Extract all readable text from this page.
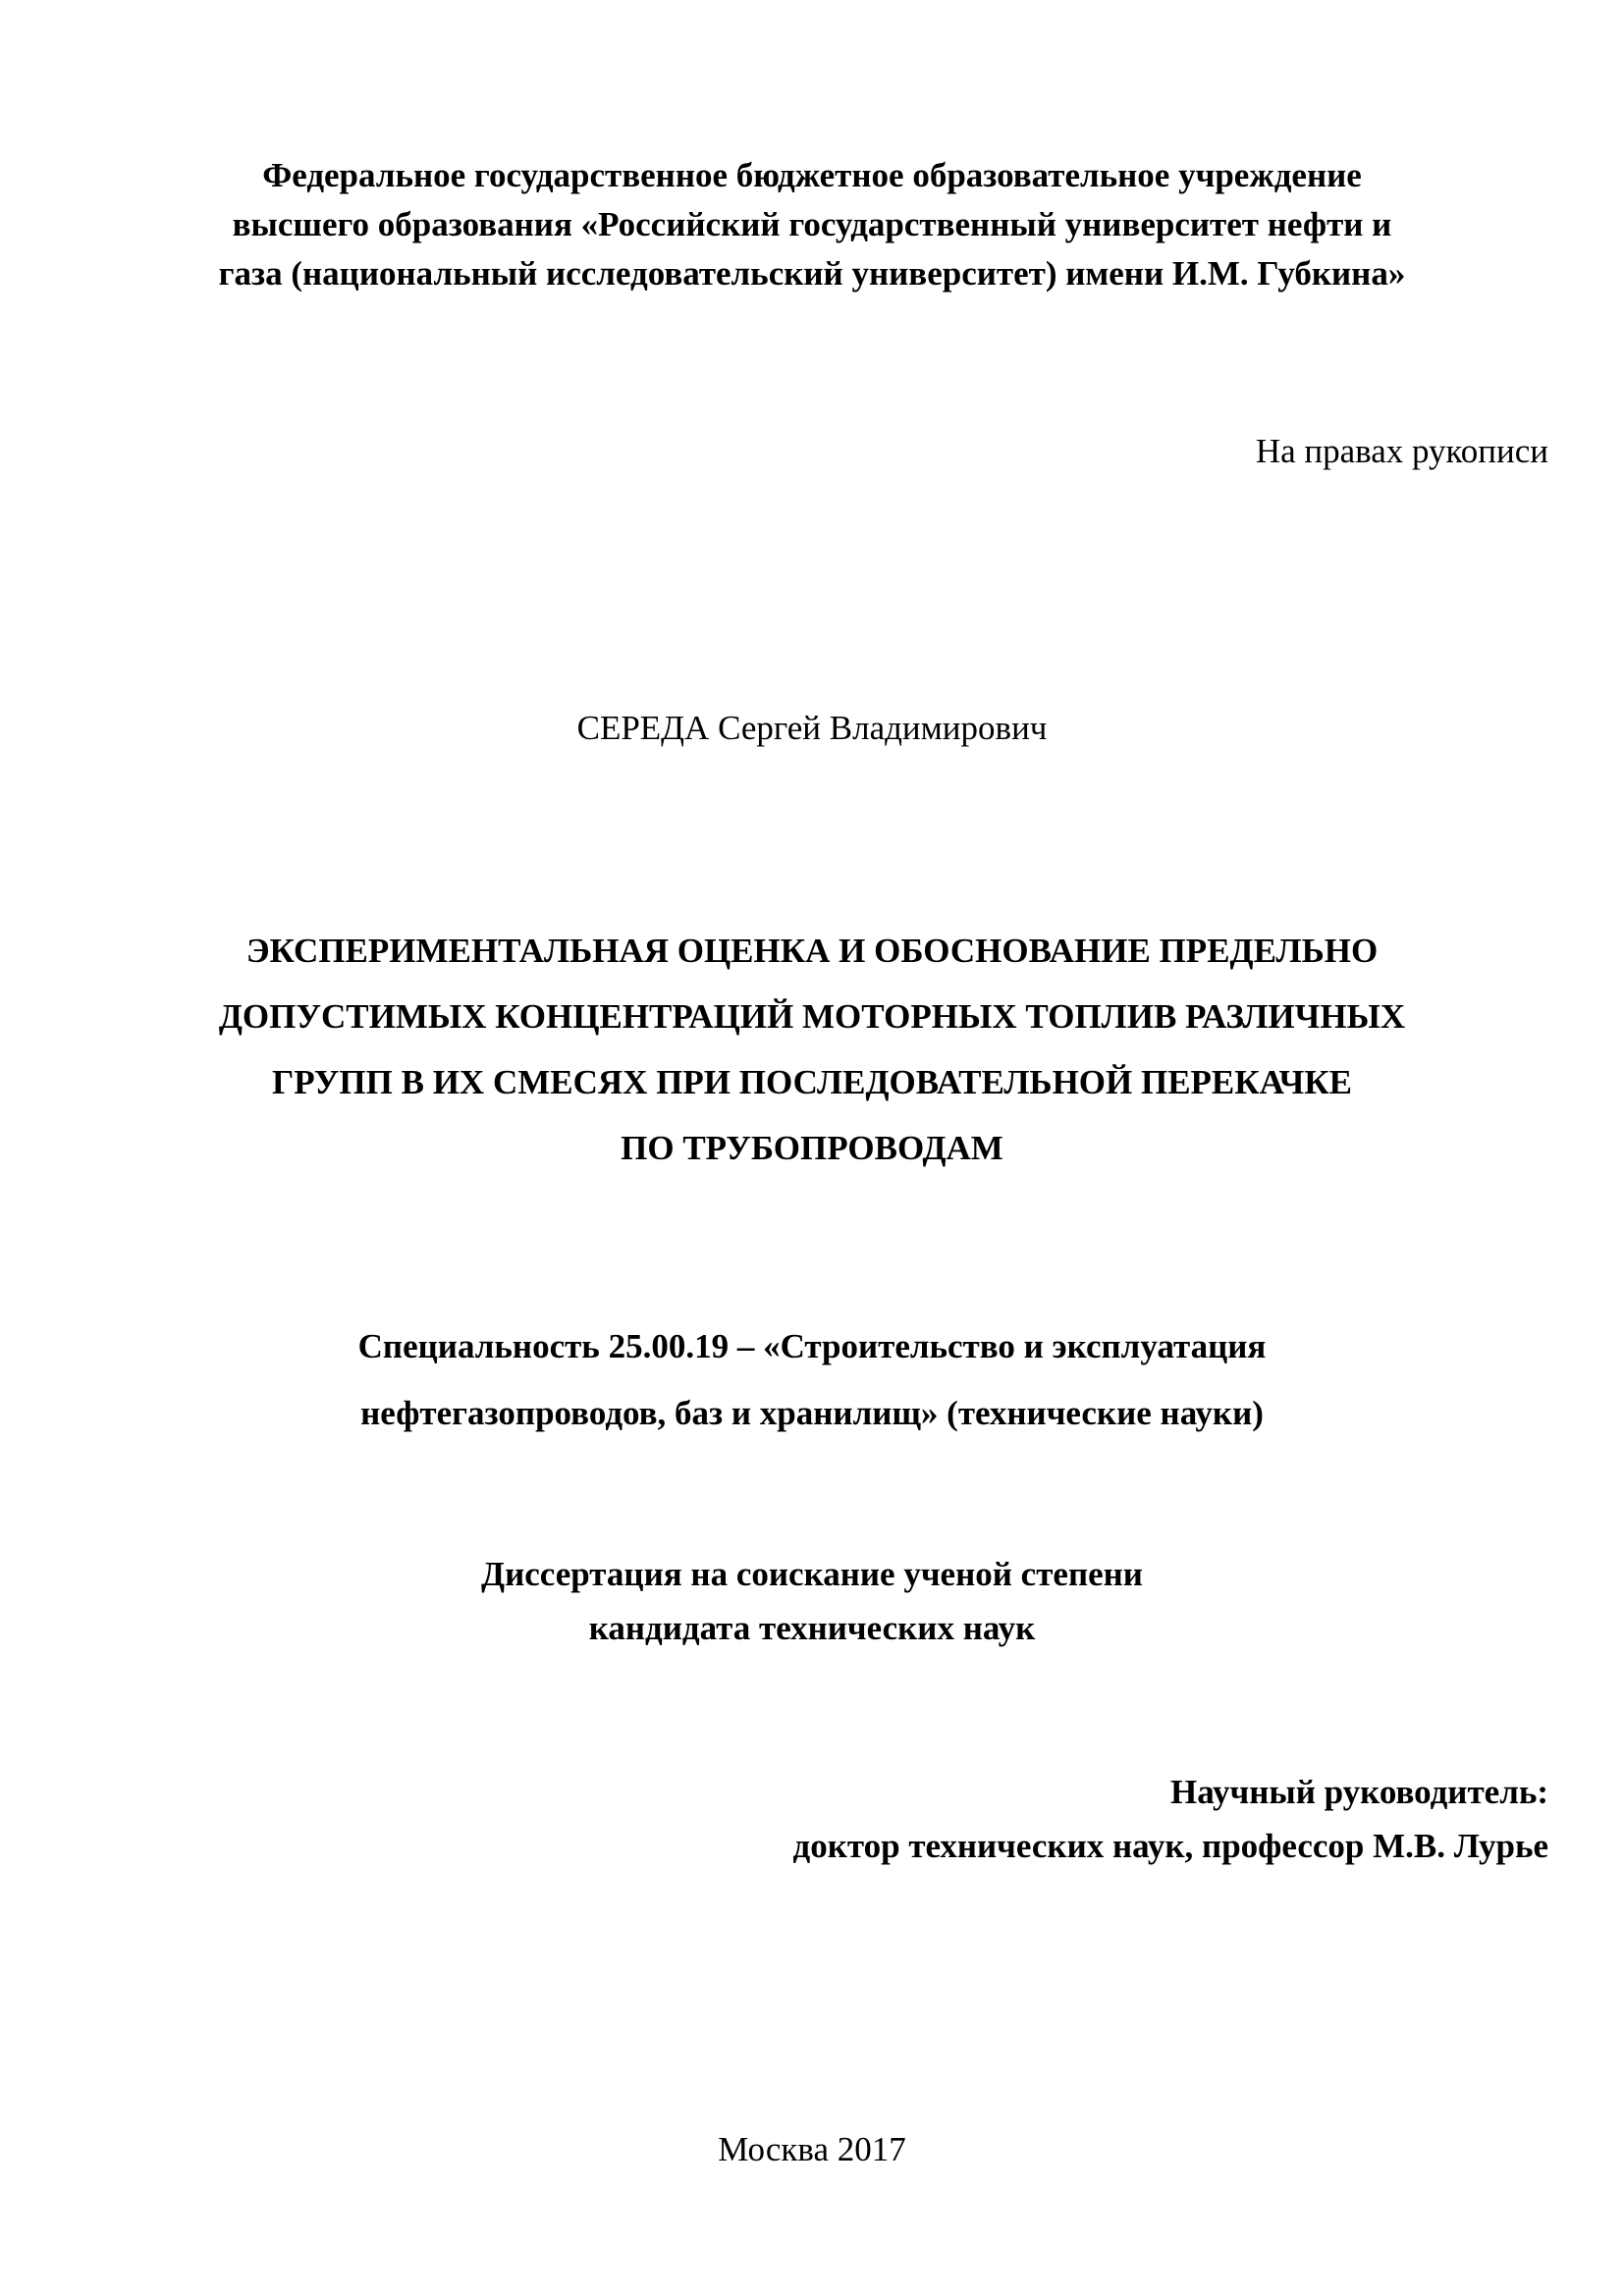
Федеральное государственное бюджетное образовательное учреждение
высшего образования «Российский государственный университет нефти и
газа (национальный исследовательский университет) имени И.М. Губкина»
На правах рукописи
СЕРЕДА Сергей Владимирович
ЭКСПЕРИМЕНТАЛЬНАЯ ОЦЕНКА И ОБОСНОВАНИЕ ПРЕДЕЛЬНО
ДОПУСТИМЫХ КОНЦЕНТРАЦИЙ МОТОРНЫХ ТОПЛИВ РАЗЛИЧНЫХ
ГРУПП В ИХ СМЕСЯХ ПРИ ПОСЛЕДОВАТЕЛЬНОЙ ПЕРЕКАЧКЕ
ПО ТРУБОПРОВОДАМ
Специальность 25.00.19 – «Строительство и эксплуатация
нефтегазопроводов, баз и хранилищ» (технические науки)
Диссертация на соискание ученой степени
кандидата технических наук
Научный руководитель:
доктор технических наук, профессор М.В. Лурье
Москва 2017
